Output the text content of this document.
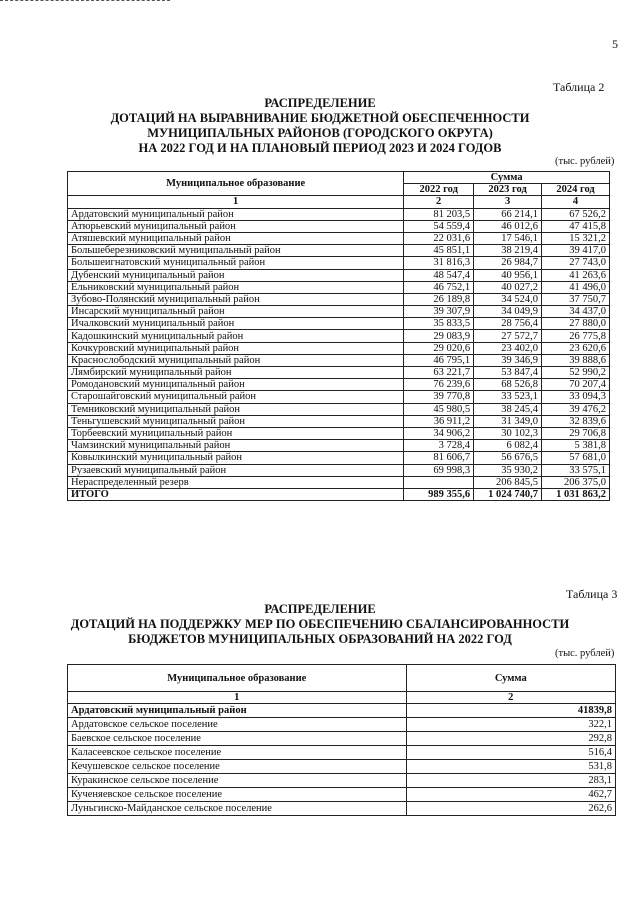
5
Таблица 2
РАСПРЕДЕЛЕНИЕ
ДОТАЦИЙ НА ВЫРАВНИВАНИЕ БЮДЖЕТНОЙ ОБЕСПЕЧЕННОСТИ
МУНИЦИПАЛЬНЫХ РАЙОНОВ (ГОРОДСКОГО ОКРУГА)
НА 2022 ГОД И НА ПЛАНОВЫЙ ПЕРИОД 2023 И 2024 ГОДОВ
(тыс. рублей)
Муниципальное образование	Сумма		
	2022 год	2023 год	2024 год
1	2	3	4
Ардатовский муниципальный район	81 203,5	66 214,1	67 526,2
Атюрьевский муниципальный район	54 559,4	46 012,6	47 415,8
Атяшевский муниципальный район	22 031,6	17 546,1	15 321,2
Большеберезниковский муниципальный район	45 851,1	38 219,4	39 417,0
Большеигнатовский муниципальный район	31 816,3	26 984,7	27 743,0
Дубенский муниципальный район	48 547,4	40 956,1	41 263,6
Ельниковский муниципальный район	46 752,1	40 027,2	41 496,0
Зубово-Полянский муниципальный район	26 189,8	34 524,0	37 750,7
Инсарский муниципальный район	39 307,9	34 049,9	34 437,0
Ичалковский муниципальный район	35 833,5	28 756,4	27 880,0
Кадошкинский муниципальный район	29 083,9	27 572,7	26 775,8
Кочкуровский муниципальный район	29 020,6	23 402,0	23 620,6
Краснослободский муниципальный район	46 795,1	39 346,9	39 888,6
Лямбирский муниципальный район	63 221,7	53 847,4	52 990,2
Ромодановский муниципальный район	76 239,6	68 526,8	70 207,4
Старошайговский муниципальный район	39 770,8	33 523,1	33 094,3
Темниковский муниципальный район	45 980,5	38 245,4	39 476,2
Теньгушевский муниципальный район	36 911,2	31 349,0	32 839,6
Торбеевский муниципальный район	34 906,2	30 102,3	29 706,8
Чамзинский муниципальный район	3 728,4	6 082,4	5 381,8
Ковылкинский муниципальный район	81 606,7	56 676,5	57 681,0
Рузаевский муниципальный район	69 998,3	35 930,2	33 575,1
Нераспределенный резерв		206 845,5	206 375,0
ИТОГО	989 355,6	1 024 740,7	1 031 863,2
Таблица 3
РАСПРЕДЕЛЕНИЕ
ДОТАЦИЙ НА ПОДДЕРЖКУ МЕР ПО ОБЕСПЕЧЕНИЮ СБАЛАНСИРОВАННОСТИ
БЮДЖЕТОВ МУНИЦИПАЛЬНЫХ ОБРАЗОВАНИЙ НА 2022 ГОД
(тыс. рублей)
Муниципальное образование	Сумма
1	2
Ардатовский муниципальный район	41839,8
Ардатовское сельское поселение	322,1
Баевское сельское поселение	292,8
Каласеевское сельское поселение	516,4
Кечушевское сельское поселение	531,8
Куракинское сельское поселение	283,1
Кученяевское сельское поселение	462,7
Луньгинско-Майданское сельское поселение	262,6
